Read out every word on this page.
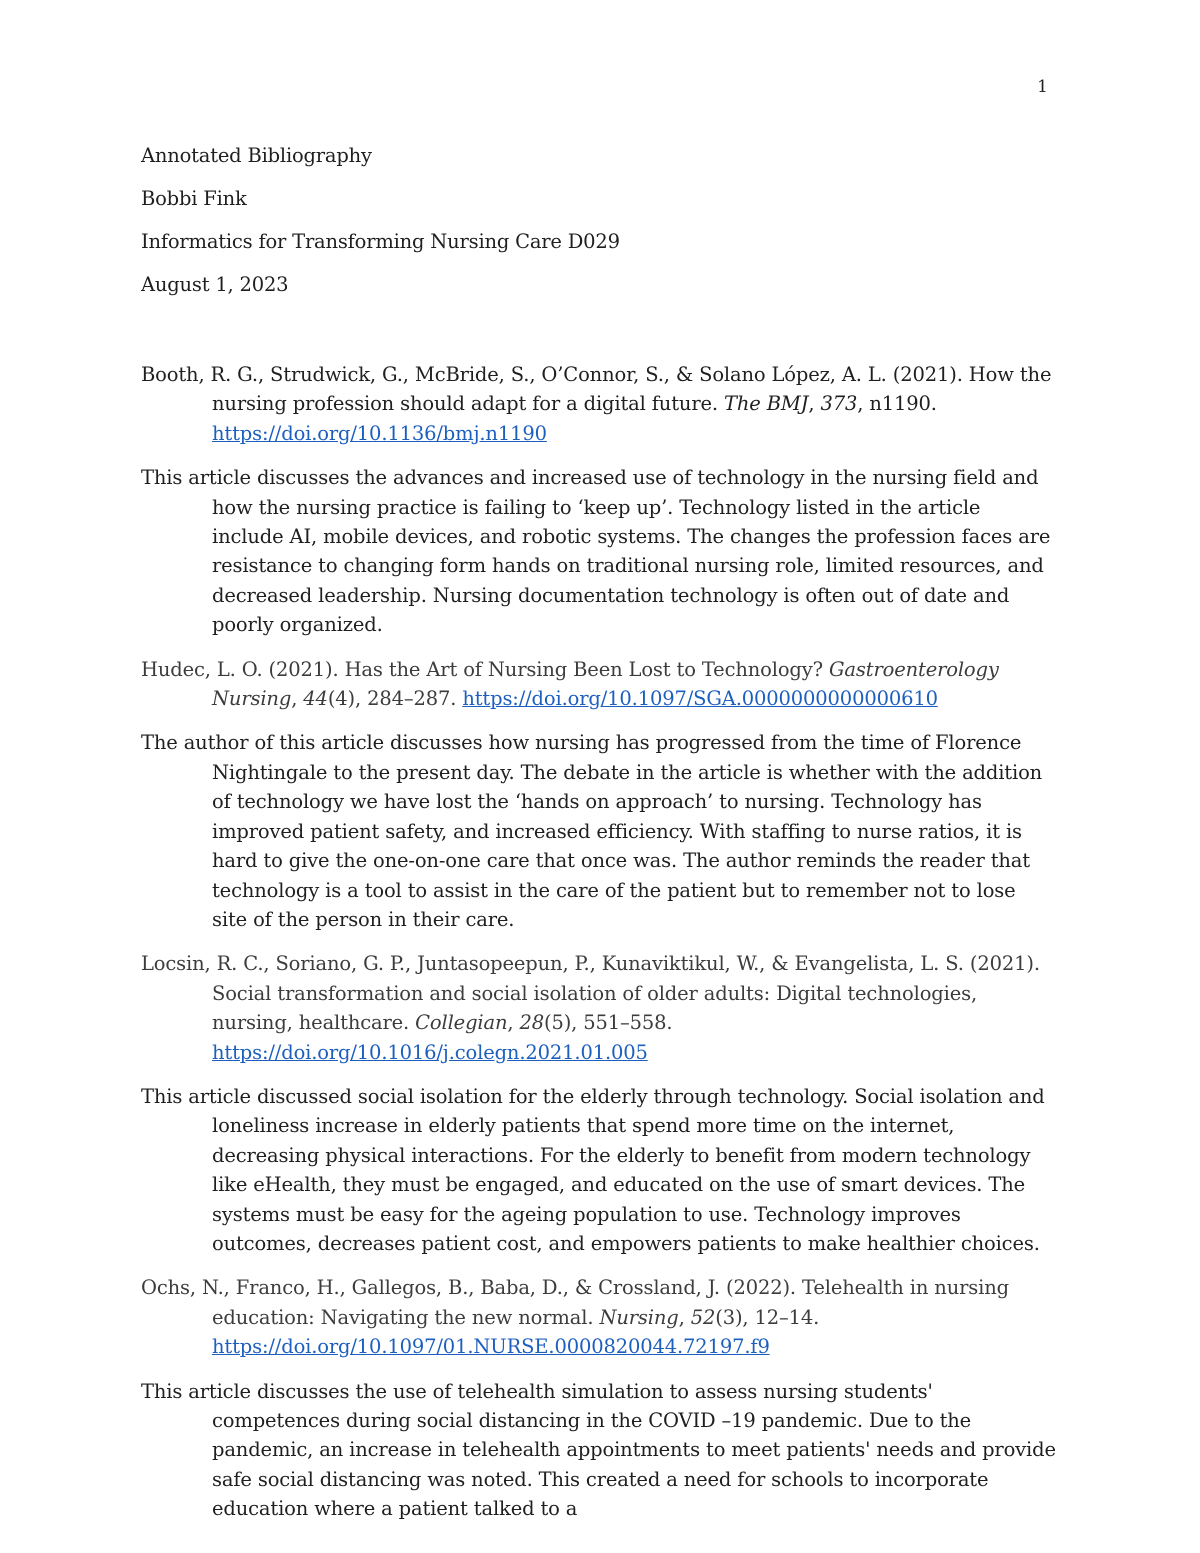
1
Annotated Bibliography
Bobbi Fink
Informatics for Transforming Nursing Care D029
August 1, 2023

Booth, R. G., Strudwick, G., McBride, S., O’Connor, S., & Solano López, A. L. (2021). How the nursing profession should adapt for a digital future. The BMJ, 373, n1190. https://doi.org/10.1136/bmj.n1190

This article discusses the advances and increased use of technology in the nursing field and how the nursing practice is failing to ‘keep up’. Technology listed in the article include AI, mobile devices, and robotic systems. The changes the profession faces are resistance to changing form hands on traditional nursing role, limited resources, and decreased leadership. Nursing documentation technology is often out of date and poorly organized.

Hudec, L. O. (2021). Has the Art of Nursing Been Lost to Technology? Gastroenterology Nursing, 44(4), 284–287. https://doi.org/10.1097/SGA.0000000000000610

The author of this article discusses how nursing has progressed from the time of Florence Nightingale to the present day. The debate in the article is whether with the addition of technology we have lost the ‘hands on approach’ to nursing. Technology has improved patient safety, and increased efficiency. With staffing to nurse ratios, it is hard to give the one-on-one care that once was. The author reminds the reader that technology is a tool to assist in the care of the patient but to remember not to lose site of the person in their care.

Locsin, R. C., Soriano, G. P., Juntasopeepun, P., Kunaviktikul, W., & Evangelista, L. S. (2021). Social transformation and social isolation of older adults: Digital technologies, nursing, healthcare. Collegian, 28(5), 551–558. https://doi.org/10.1016/j.colegn.2021.01.005

This article discussed social isolation for the elderly through technology. Social isolation and loneliness increase in elderly patients that spend more time on the internet, decreasing physical interactions. For the elderly to benefit from modern technology like eHealth, they must be engaged, and educated on the use of smart devices. The systems must be easy for the ageing population to use. Technology improves outcomes, decreases patient cost, and empowers patients to make healthier choices.

Ochs, N., Franco, H., Gallegos, B., Baba, D., & Crossland, J. (2022). Telehealth in nursing education: Navigating the new normal. Nursing, 52(3), 12–14. https://doi.org/10.1097/01.NURSE.0000820044.72197.f9

This article discusses the use of telehealth simulation to assess nursing students' competences during social distancing in the COVID –19 pandemic. Due to the pandemic, an increase in telehealth appointments to meet patients' needs and provide safe social distancing was noted. This created a need for schools to incorporate education where a patient talked to a
